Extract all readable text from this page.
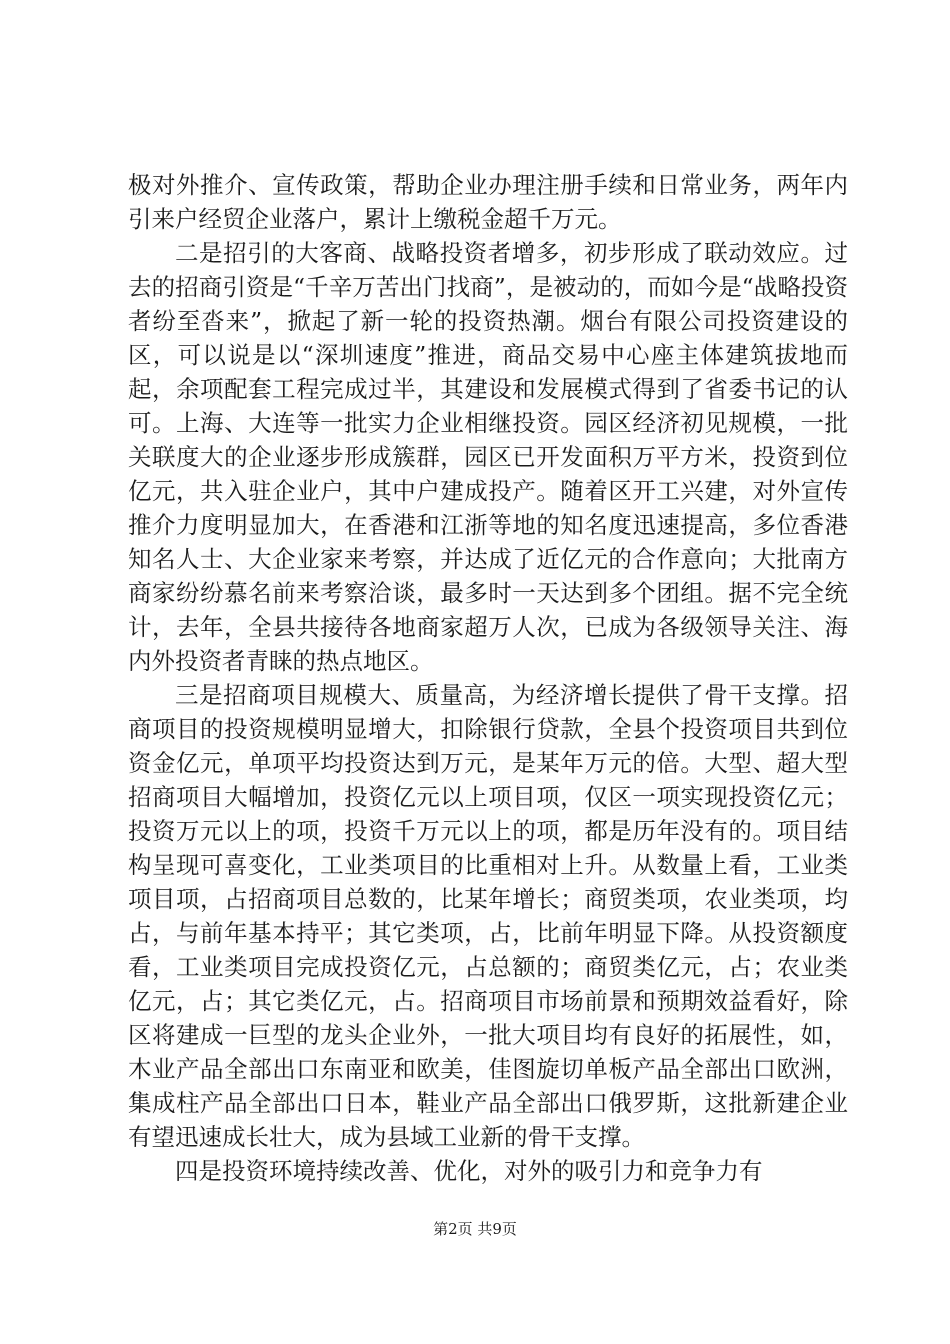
极对外推介、宣传政策，帮助企业办理注册手续和日常业务，两年内引来户经贸企业落户，累计上缴税金超千万元。

二是招引的大客商、战略投资者增多，初步形成了联动效应。过去的招商引资是“千辛万苦出门找商”，是被动的，而如今是“战略投资者纷至沓来”，掀起了新一轮的投资热潮。烟台有限公司投资建设的区，可以说是以“深圳速度”推进，商品交易中心座主体建筑拔地而起，余项配套工程完成过半，其建设和发展模式得到了省委书记的认可。上海、大连等一批实力企业相继投资。园区经济初见规模，一批关联度大的企业逐步形成簇群，园区已开发面积万平方米，投资到位亿元，共入驻企业户，其中户建成投产。随着区开工兴建，对外宣传推介力度明显加大，在香港和江浙等地的知名度迅速提高，多位香港知名人士、大企业家来考察，并达成了近亿元的合作意向；大批南方商家纷纷慕名前来考察洽谈，最多时一天达到多个团组。据不完全统计，去年，全县共接待各地商家超万人次，已成为各级领导关注、海内外投资者青睐的热点地区。

三是招商项目规模大、质量高，为经济增长提供了骨干支撑。招商项目的投资规模明显增大，扣除银行贷款，全县个投资项目共到位资金亿元，单项平均投资达到万元，是某年万元的倍。大型、超大型招商项目大幅增加，投资亿元以上项目项，仅区一项实现投资亿元；投资万元以上的项，投资千万元以上的项，都是历年没有的。项目结构呈现可喜变化，工业类项目的比重相对上升。从数量上看，工业类项目项，占招商项目总数的，比某年增长；商贸类项，农业类项，均占，与前年基本持平；其它类项，占，比前年明显下降。从投资额度看，工业类项目完成投资亿元，占总额的；商贸类亿元，占；农业类亿元，占；其它类亿元，占。招商项目市场前景和预期效益看好，除区将建成一巨型的龙头企业外，一批大项目均有良好的拓展性，如，木业产品全部出口东南亚和欧美，佳图旋切单板产品全部出口欧洲，集成柱产品全部出口日本，鞋业产品全部出口俄罗斯，这批新建企业有望迅速成长壮大，成为县域工业新的骨干支撑。

四是投资环境持续改善、优化，对外的吸引力和竞争力有

第2页 共9页
